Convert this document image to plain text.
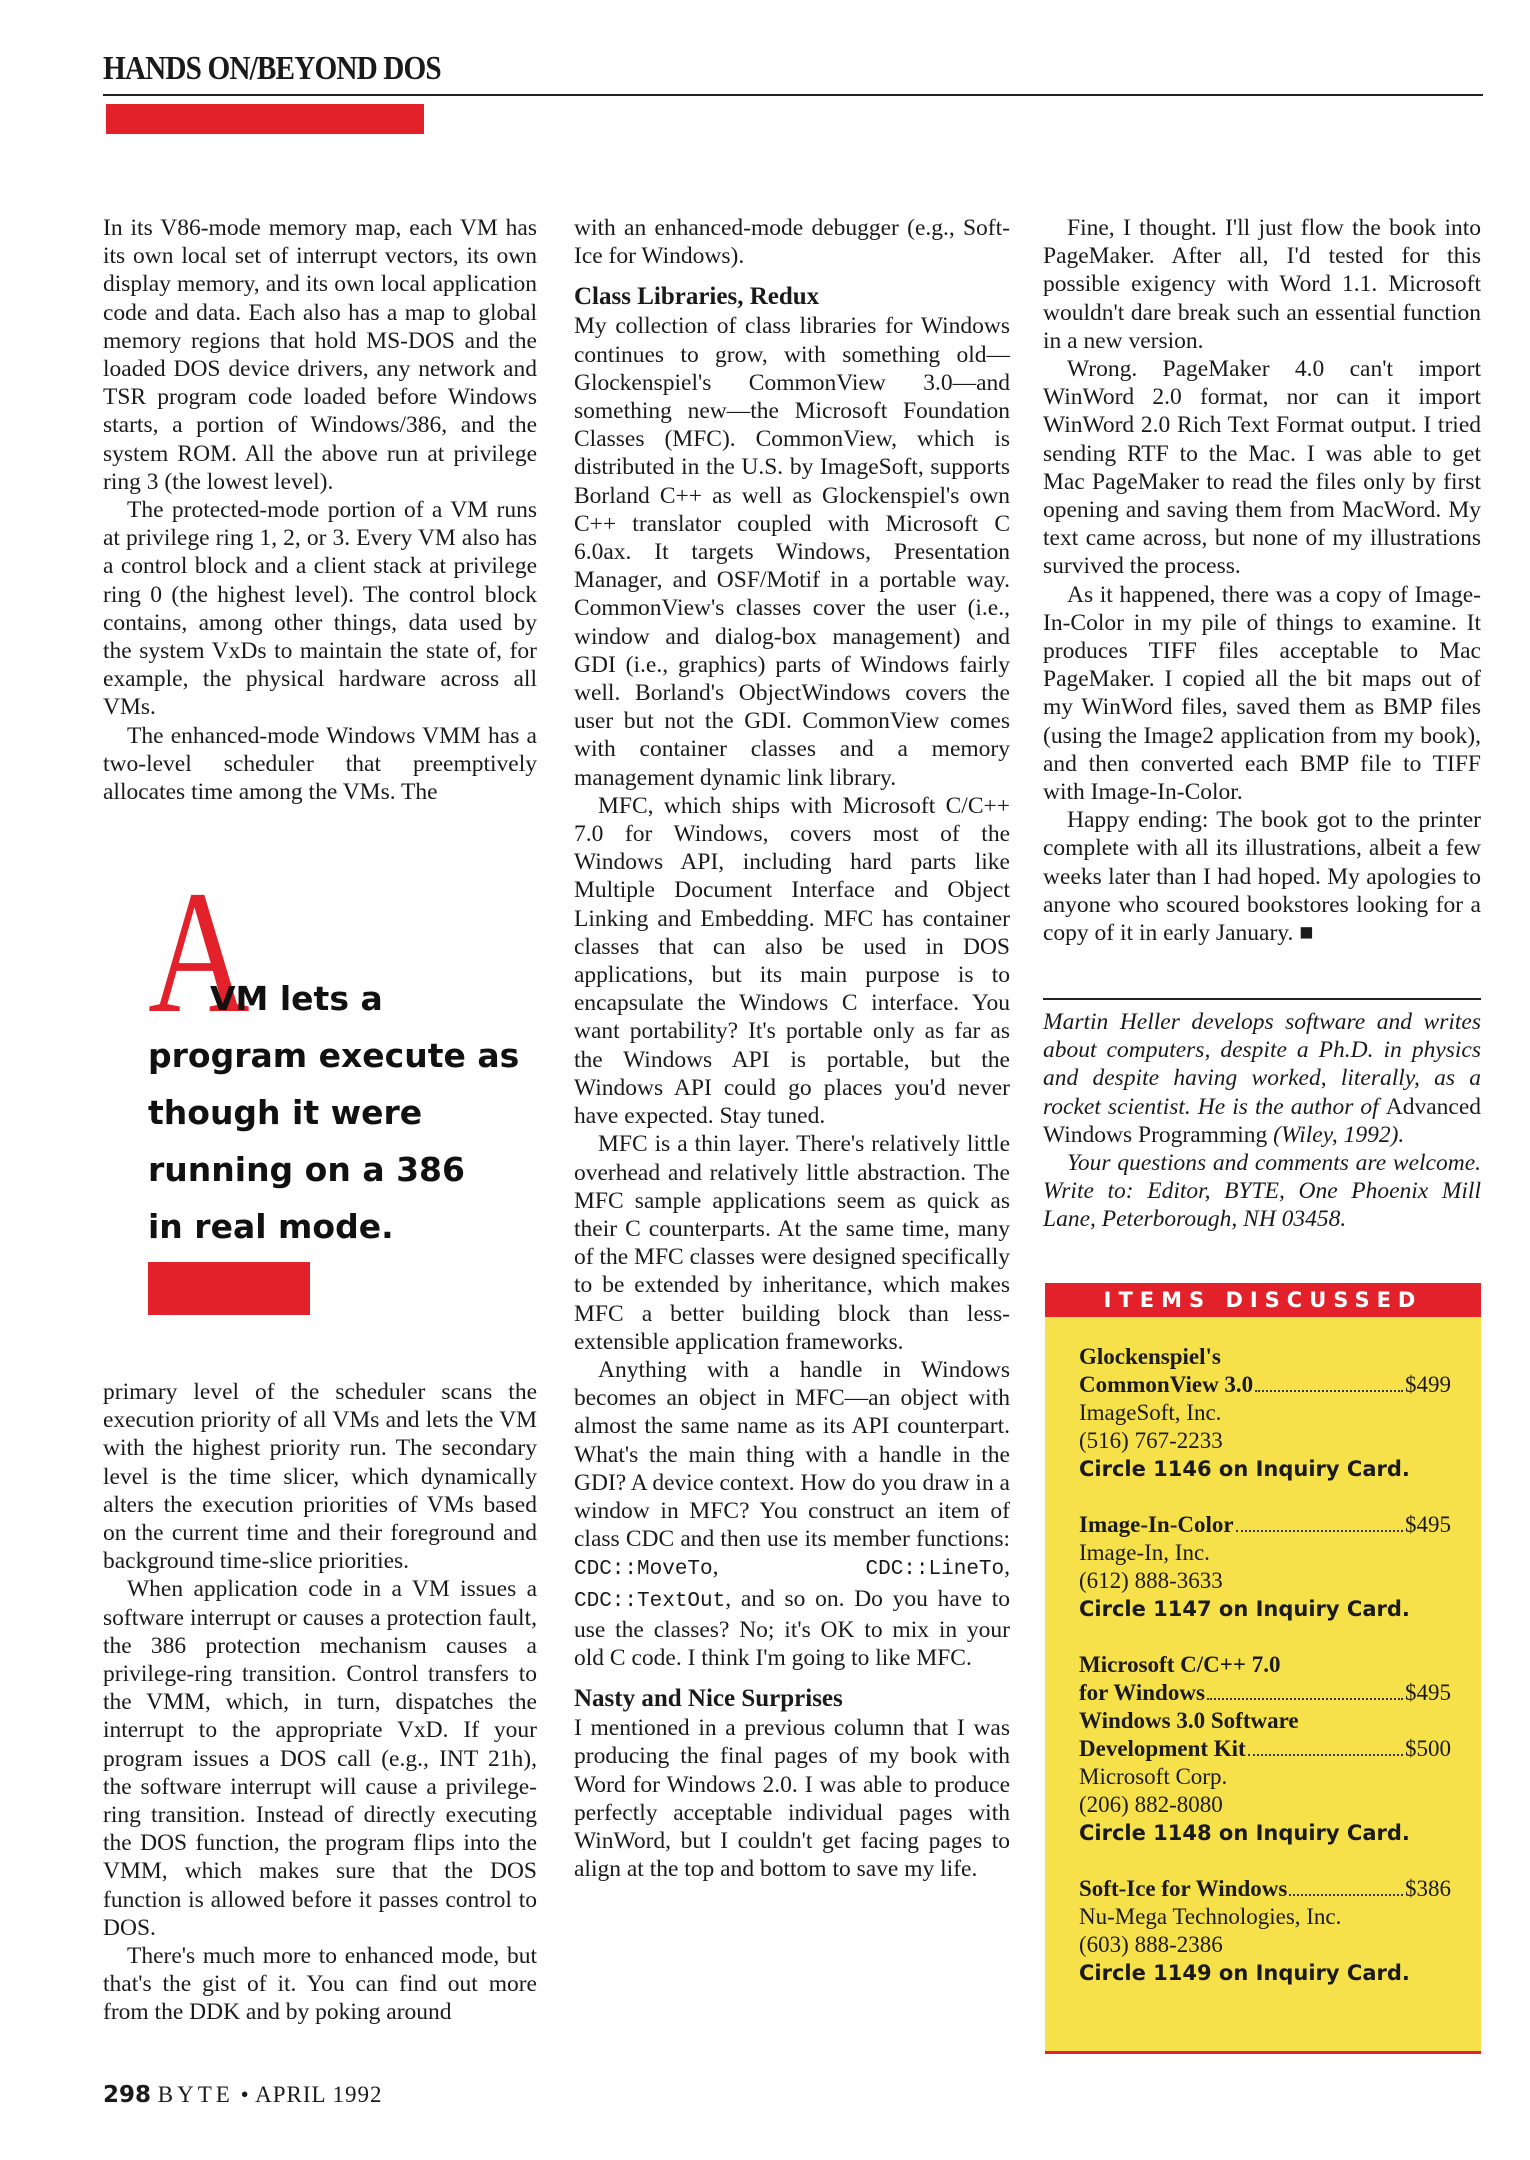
HANDS ON/BEYOND DOS

In its V86-mode memory map, each VM has its own local set of interrupt vectors, its own display memory, and its own local application code and data. Each also has a map to global memory regions that hold MS-DOS and the loaded DOS device drivers, any network and TSR program code loaded before Windows starts, a portion of Windows/386, and the system ROM. All the above run at privilege ring 3 (the lowest level).

The protected-mode portion of a VM runs at privilege ring 1, 2, or 3. Every VM also has a control block and a client stack at privilege ring 0 (the highest level). The control block contains, among other things, data used by the system VxDs to maintain the state of, for example, the physical hardware across all VMs.

The enhanced-mode Windows VMM has a two-level scheduler that preemptively allocates time among the VMs. The

A
VM lets a
program execute as
though it were
running on a 386
in real mode.

primary level of the scheduler scans the execution priority of all VMs and lets the VM with the highest priority run. The secondary level is the time slicer, which dynamically alters the execution priorities of VMs based on the current time and their foreground and background time-slice priorities.

When application code in a VM issues a software interrupt or causes a protection fault, the 386 protection mechanism causes a privilege-ring transition. Control transfers to the VMM, which, in turn, dispatches the interrupt to the appropriate VxD. If your program issues a DOS call (e.g., INT 21h), the software interrupt will cause a privilege-ring transition. Instead of directly executing the DOS function, the program flips into the VMM, which makes sure that the DOS function is allowed before it passes control to DOS.

There's much more to enhanced mode, but that's the gist of it. You can find out more from the DDK and by poking around

with an enhanced-mode debugger (e.g., Soft-Ice for Windows).

Class Libraries, Redux

My collection of class libraries for Windows continues to grow, with something old—Glockenspiel's CommonView 3.0—and something new—the Microsoft Foundation Classes (MFC). CommonView, which is distributed in the U.S. by ImageSoft, supports Borland C++ as well as Glockenspiel's own C++ translator coupled with Microsoft C 6.0ax. It targets Windows, Presentation Manager, and OSF/Motif in a portable way. CommonView's classes cover the user (i.e., window and dialog-box management) and GDI (i.e., graphics) parts of Windows fairly well. Borland's ObjectWindows covers the user but not the GDI. CommonView comes with container classes and a memory management dynamic link library.

MFC, which ships with Microsoft C/C++ 7.0 for Windows, covers most of the Windows API, including hard parts like Multiple Document Interface and Object Linking and Embedding. MFC has container classes that can also be used in DOS applications, but its main purpose is to encapsulate the Windows C interface. You want portability? It's portable only as far as the Windows API is portable, but the Windows API could go places you'd never have expected. Stay tuned.

MFC is a thin layer. There's relatively little overhead and relatively little abstraction. The MFC sample applications seem as quick as their C counterparts. At the same time, many of the MFC classes were designed specifically to be extended by inheritance, which makes MFC a better building block than less-extensible application frameworks.

Anything with a handle in Windows becomes an object in MFC—an object with almost the same name as its API counterpart. What's the main thing with a handle in the GDI? A device context. How do you draw in a window in MFC? You construct an item of class CDC and then use its member functions: CDC::MoveTo, CDC::LineTo, CDC::TextOut, and so on. Do you have to use the classes? No; it's OK to mix in your old C code. I think I'm going to like MFC.

Nasty and Nice Surprises

I mentioned in a previous column that I was producing the final pages of my book with Word for Windows 2.0. I was able to produce perfectly acceptable individual pages with WinWord, but I couldn't get facing pages to align at the top and bottom to save my life.

Fine, I thought. I'll just flow the book into PageMaker. After all, I'd tested for this possible exigency with Word 1.1. Microsoft wouldn't dare break such an essential function in a new version.

Wrong. PageMaker 4.0 can't import WinWord 2.0 format, nor can it import WinWord 2.0 Rich Text Format output. I tried sending RTF to the Mac. I was able to get Mac PageMaker to read the files only by first opening and saving them from MacWord. My text came across, but none of my illustrations survived the process.

As it happened, there was a copy of Image-In-Color in my pile of things to examine. It produces TIFF files acceptable to Mac PageMaker. I copied all the bit maps out of my WinWord files, saved them as BMP files (using the Image2 application from my book), and then converted each BMP file to TIFF with Image-In-Color.

Happy ending: The book got to the printer complete with all its illustrations, albeit a few weeks later than I had hoped. My apologies to anyone who scoured bookstores looking for a copy of it in early January. ■

Martin Heller develops software and writes about computers, despite a Ph.D. in physics and despite having worked, literally, as a rocket scientist. He is the author of Advanced Windows Programming (Wiley, 1992).

Your questions and comments are welcome. Write to: Editor, BYTE, One Phoenix Mill Lane, Peterborough, NH 03458.

ITEMS DISCUSSED
Glockenspiel's
CommonView 3.0	$499
ImageSoft, Inc.
(516) 767-2233
Circle 1146 on Inquiry Card.
Image-In-Color	$495
Image-In, Inc.
(612) 888-3633
Circle 1147 on Inquiry Card.
Microsoft C/C++ 7.0
for Windows	$495
Windows 3.0 Software
Development Kit	$500
Microsoft Corp.
(206) 882-8080
Circle 1148 on Inquiry Card.
Soft-Ice for Windows	$386
Nu-Mega Technologies, Inc.
(603) 888-2386
Circle 1149 on Inquiry Card.
298 BYTE • APRIL 1992
